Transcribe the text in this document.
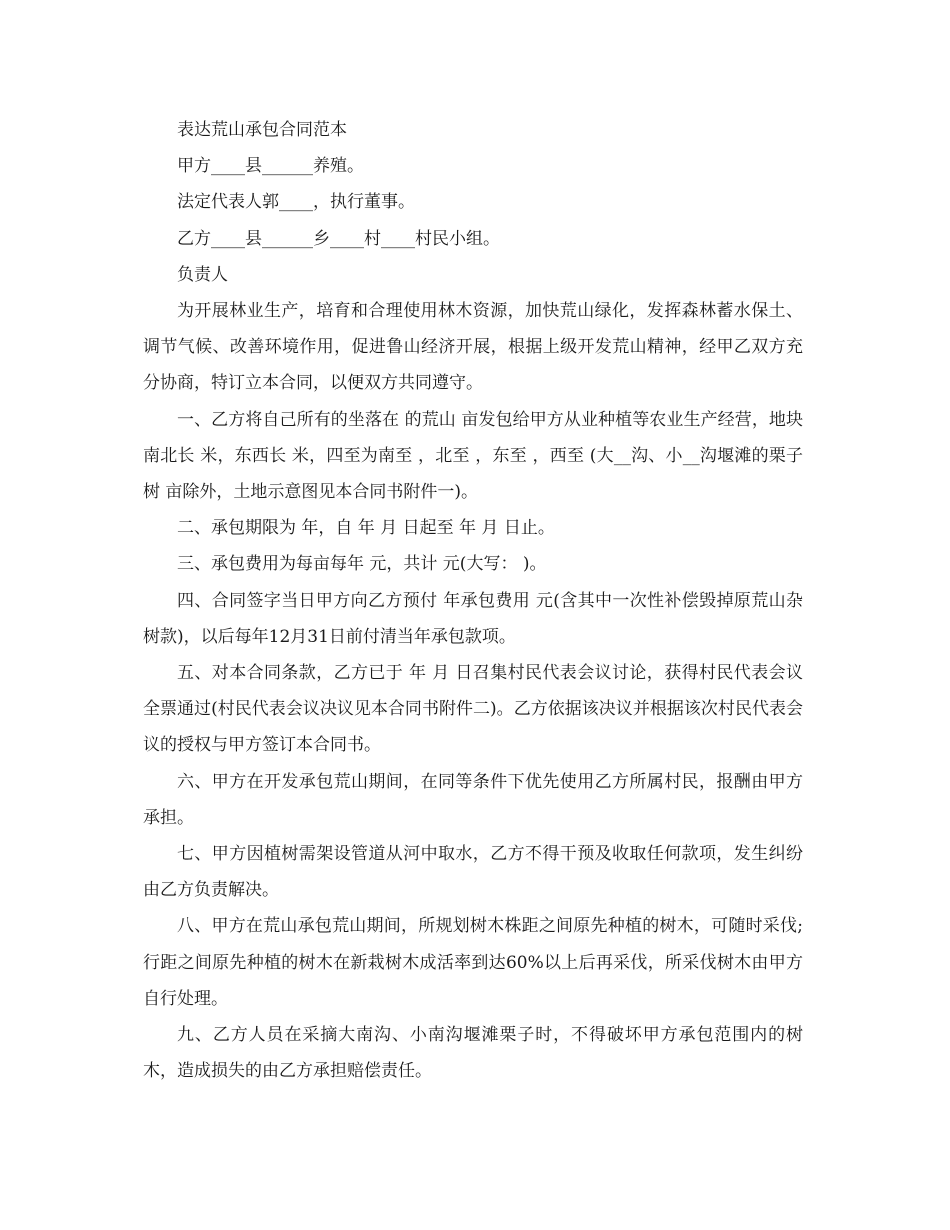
表达荒山承包合同范本

甲方____县______养殖。

法定代表人郭____，执行董事。

乙方____县______乡____村____村民小组。

负责人

为开展林业生产，培育和合理使用林木资源，加快荒山绿化，发挥森林蓄水保土、调节气候、改善环境作用，促进鲁山经济开展，根据上级开发荒山精神，经甲乙双方充分协商，特订立本合同，以便双方共同遵守。

一、乙方将自己所有的坐落在 的荒山 亩发包给甲方从业种植等农业生产经营，地块南北长 米，东西长 米，四至为南至 ，北至 ，东至 ，西至 (大__沟、小__沟堰滩的栗子树 亩除外，土地示意图见本合同书附件一)。

二、承包期限为 年，自 年 月 日起至 年 月 日止。

三、承包费用为每亩每年 元，共计 元(大写： )。

四、合同签字当日甲方向乙方预付 年承包费用 元(含其中一次性补偿毁掉原荒山杂树款)，以后每年12月31日前付清当年承包款项。

五、对本合同条款，乙方已于 年 月 日召集村民代表会议讨论，获得村民代表会议全票通过(村民代表会议决议见本合同书附件二)。乙方依据该决议并根据该次村民代表会议的授权与甲方签订本合同书。

六、甲方在开发承包荒山期间，在同等条件下优先使用乙方所属村民，报酬由甲方承担。

七、甲方因植树需架设管道从河中取水，乙方不得干预及收取任何款项，发生纠纷由乙方负责解决。

八、甲方在荒山承包荒山期间，所规划树木株距之间原先种植的树木，可随时采伐;行距之间原先种植的树木在新栽树木成活率到达60%以上后再采伐，所采伐树木由甲方自行处理。

九、乙方人员在采摘大南沟、小南沟堰滩栗子时，不得破坏甲方承包范围内的树木，造成损失的由乙方承担赔偿责任。
